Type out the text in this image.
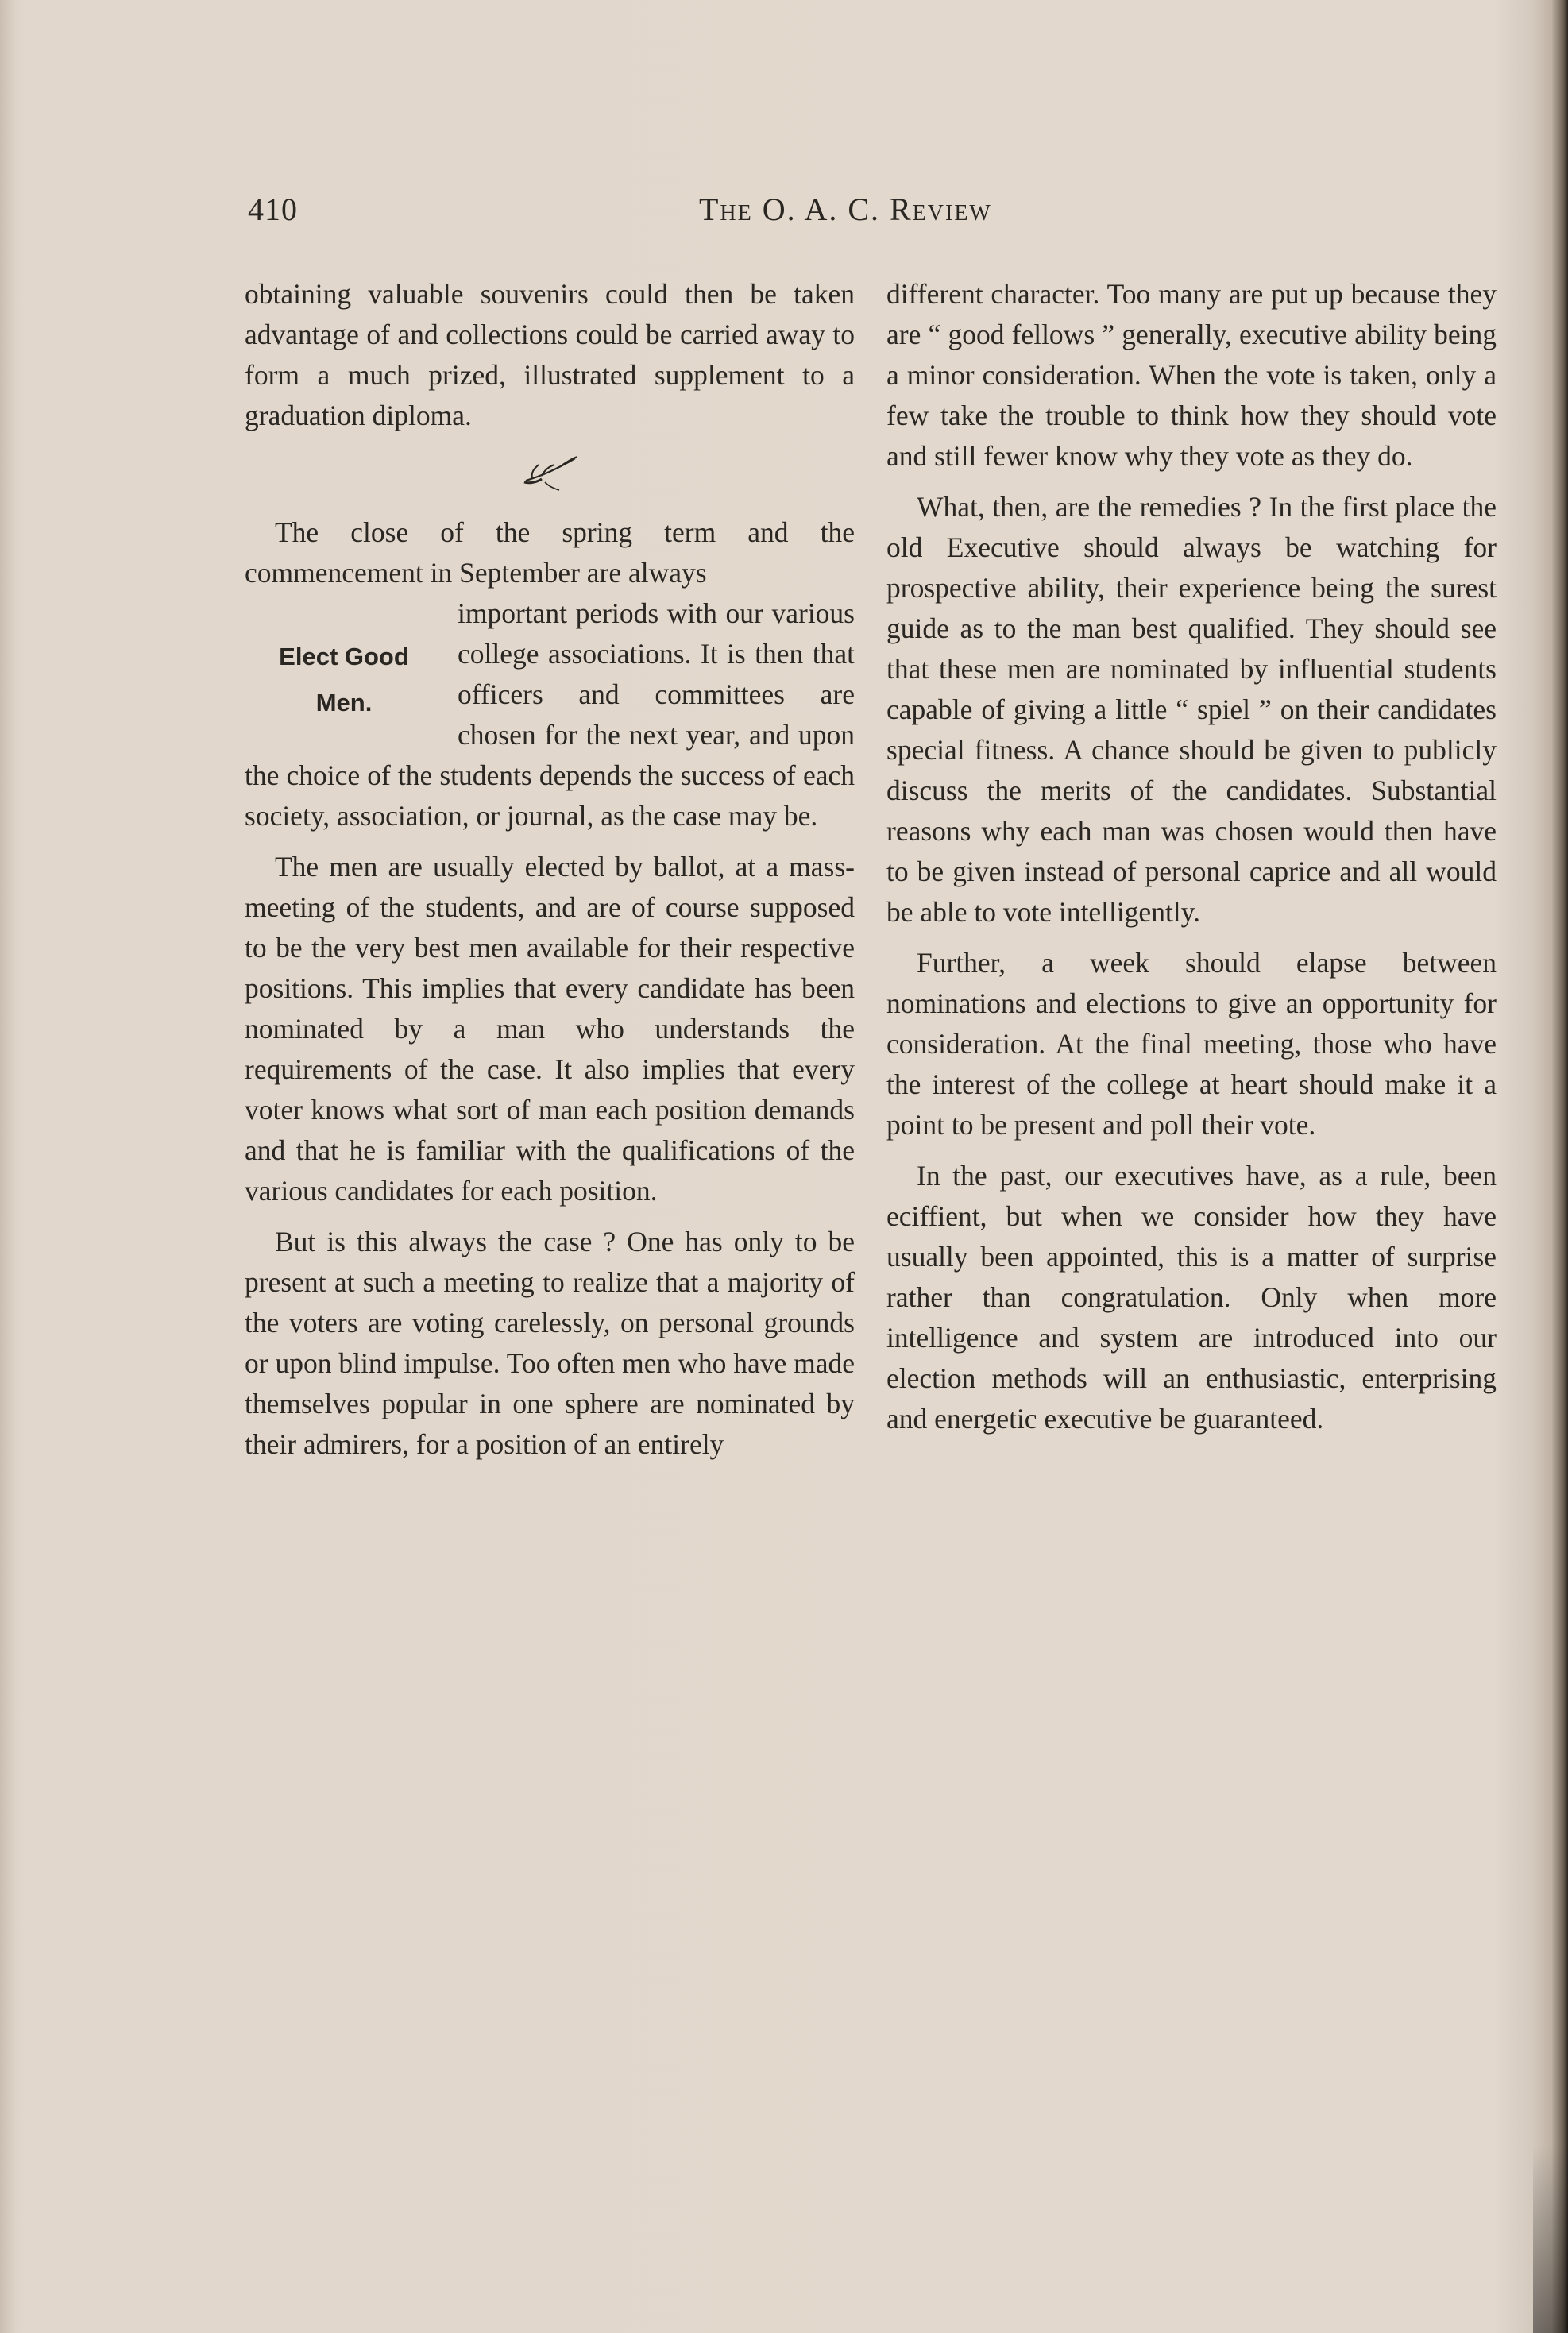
410	The O. A. C. Review

obtaining valuable souvenirs could then be taken advantage of and collections could be carried away to form a much prized, illustrated supplement to a graduation diploma.

The close of the spring term and the commencement in September are always

Elect Good
Men.

important periods with our various college associations. It is then that officers and committees are chosen for the next year, and upon the choice of the students depends the success of each society, association, or journal, as the case may be.

The men are usually elected by ballot, at a mass-meeting of the students, and are of course supposed to be the very best men available for their respective positions. This implies that every candidate has been nominated by a man who understands the requirements of the case. It also implies that every voter knows what sort of man each position demands and that he is familiar with the qualifications of the various candidates for each position.

But is this always the case ? One has only to be present at such a meeting to realize that a majority of the voters are voting carelessly, on personal grounds or upon blind impulse. Too often men who have made themselves popular in one sphere are nominated by their admirers, for a position of an entirely

different character. Too many are put up because they are “ good fellows ” generally, executive ability being a minor consideration. When the vote is taken, only a few take the trouble to think how they should vote and still fewer know why they vote as they do.

What, then, are the remedies ? In the first place the old Executive should always be watching for prospective ability, their experience being the surest guide as to the man best qualified. They should see that these men are nominated by influential students capable of giving a little “ spiel ” on their candidates special fitness. A chance should be given to publicly discuss the merits of the candidates. Substantial reasons why each man was chosen would then have to be given instead of personal caprice and all would be able to vote intelligently.

Further, a week should elapse between nominations and elections to give an opportunity for consideration. At the final meeting, those who have the interest of the college at heart should make it a point to be present and poll their vote.

In the past, our executives have, as a rule, been eciffient, but when we consider how they have usually been appointed, this is a matter of surprise rather than congratulation. Only when more intelligence and system are introduced into our election methods will an enthusiastic, enterprising and energetic executive be guaranteed.
